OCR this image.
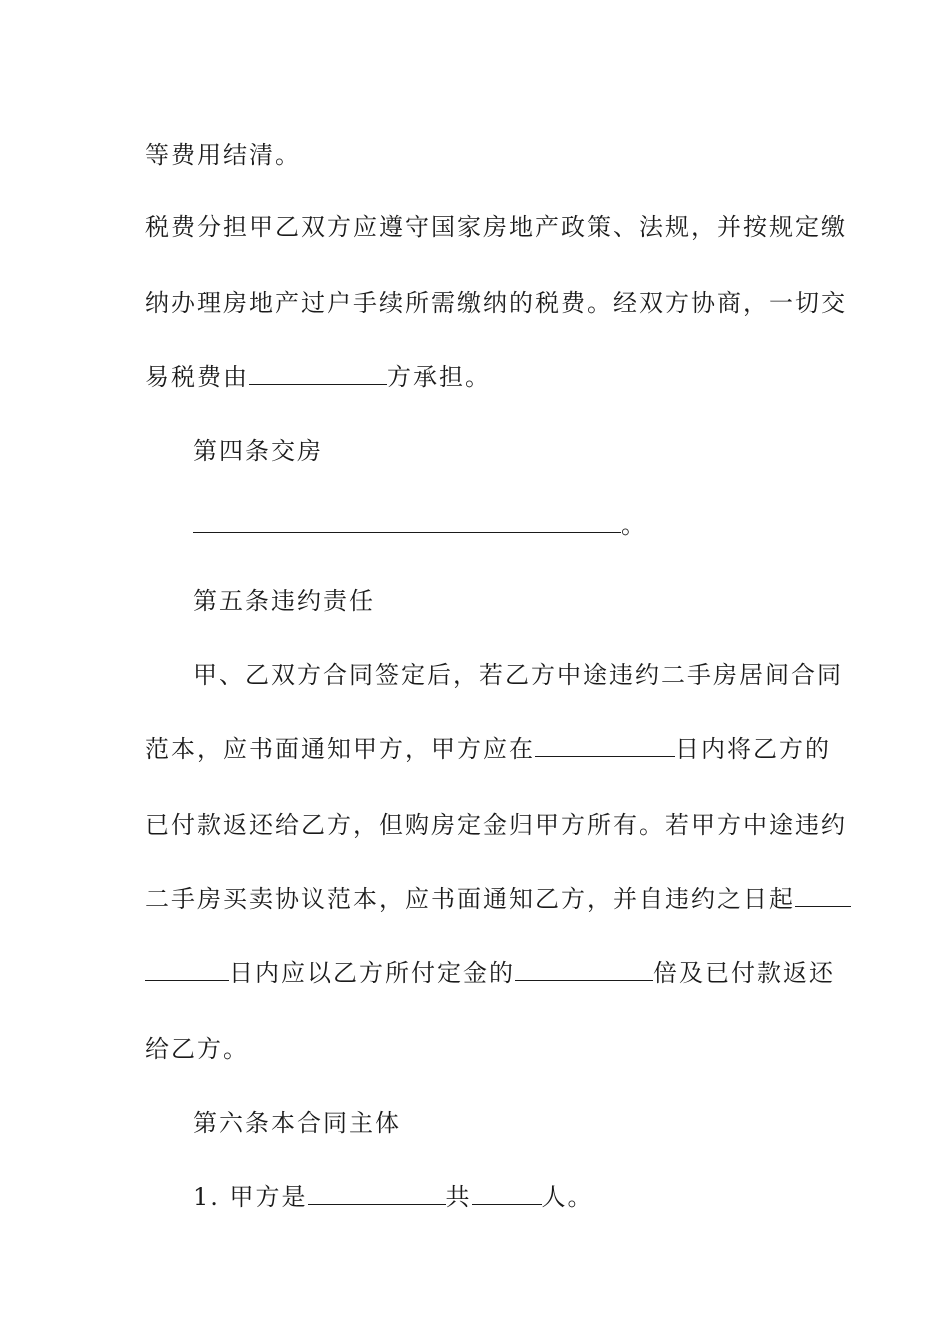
等费用结清。
税费分担甲乙双方应遵守国家房地产政策、法规，并按规定缴
纳办理房地产过户手续所需缴纳的税费。经双方协商，一切交
易税费由	方承担。
第四条交房
。
第五条违约责任
甲、乙双方合同签定后，若乙方中途违约二手房居间合同
范本，应书面通知甲方，甲方应在	日内将乙方的
已付款返还给乙方，但购房定金归甲方所有。若甲方中途违约
二手房买卖协议范本，应书面通知乙方，并自违约之日起
日内应以乙方所付定金的	倍及已付款返还
给乙方。
第六条本合同主体
1. 甲方是	共	人。
